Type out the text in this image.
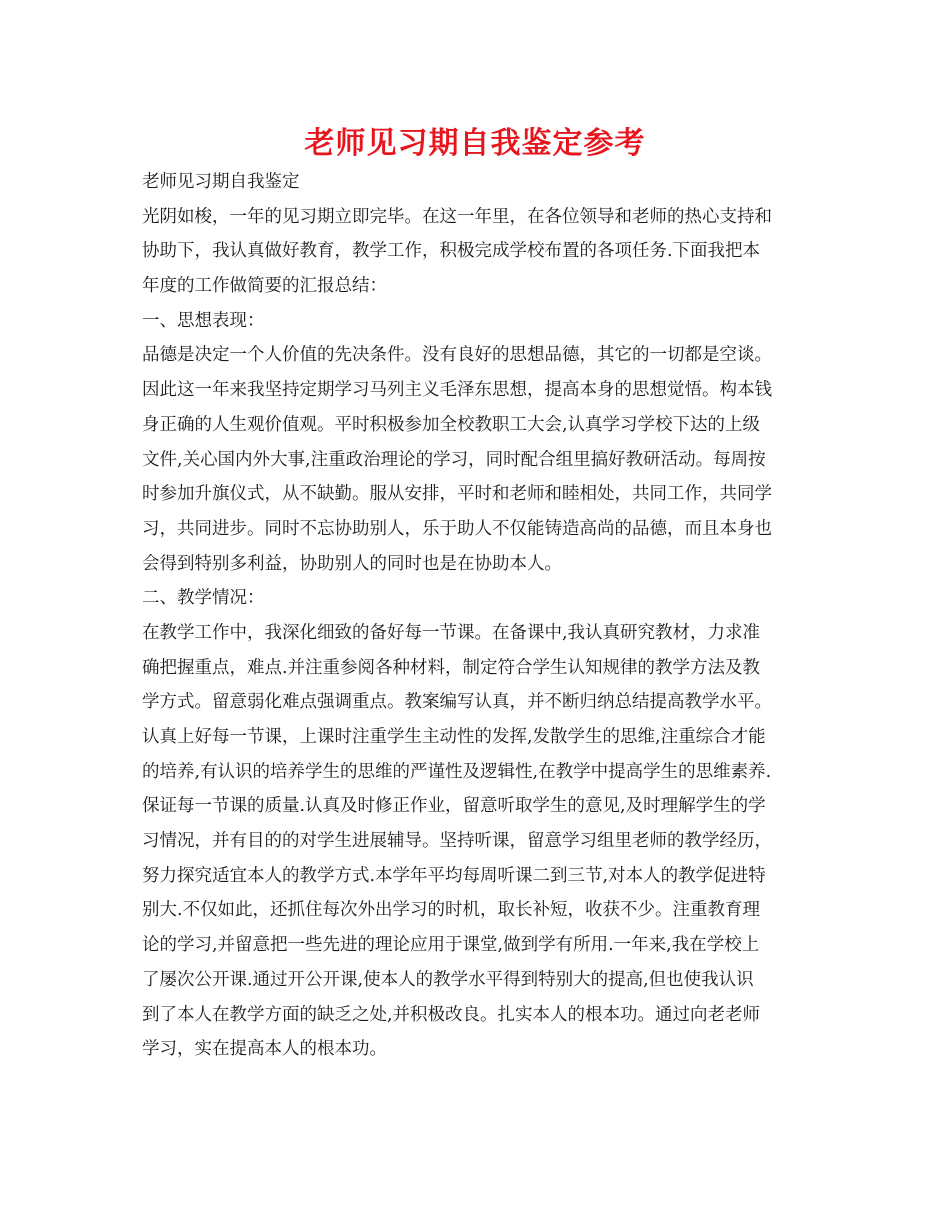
老师见习期自我鉴定参考
老师见习期自我鉴定
光阴如梭，一年的见习期立即完毕。在这一年里，在各位领导和老师的热心支持和
协助下，我认真做好教育，教学工作，积极完成学校布置的各项任务.下面我把本
年度的工作做简要的汇报总结：
一、思想表现：
品德是决定一个人价值的先决条件。没有良好的思想品德，其它的一切都是空谈。
因此这一年来我坚持定期学习马列主义毛泽东思想，提高本身的思想觉悟。构本钱
身正确的人生观价值观。平时积极参加全校教职工大会,认真学习学校下达的上级
文件,关心国内外大事,注重政治理论的学习，同时配合组里搞好教研活动。每周按
时参加升旗仪式，从不缺勤。服从安排，平时和老师和睦相处，共同工作，共同学
习，共同进步。同时不忘协助别人，乐于助人不仅能铸造高尚的品德，而且本身也
会得到特别多利益，协助别人的同时也是在协助本人。
二、教学情况：
在教学工作中，我深化细致的备好每一节课。在备课中,我认真研究教材，力求准
确把握重点，难点.并注重参阅各种材料，制定符合学生认知规律的教学方法及教
学方式。留意弱化难点强调重点。教案编写认真，并不断归纳总结提高教学水平。
认真上好每一节课，上课时注重学生主动性的发挥,发散学生的思维,注重综合才能
的培养,有认识的培养学生的思维的严谨性及逻辑性,在教学中提高学生的思维素养.
保证每一节课的质量.认真及时修正作业，留意听取学生的意见,及时理解学生的学
习情况，并有目的的对学生进展辅导。坚持听课，留意学习组里老师的教学经历，
努力探究适宜本人的教学方式.本学年平均每周听课二到三节,对本人的教学促进特
别大.不仅如此，还抓住每次外出学习的时机，取长补短，收获不少。注重教育理
论的学习,并留意把一些先进的理论应用于课堂,做到学有所用.一年来,我在学校上
了屡次公开课.通过开公开课,使本人的教学水平得到特别大的提高,但也使我认识
到了本人在教学方面的缺乏之处,并积极改良。扎实本人的根本功。通过向老老师
学习，实在提高本人的根本功。
